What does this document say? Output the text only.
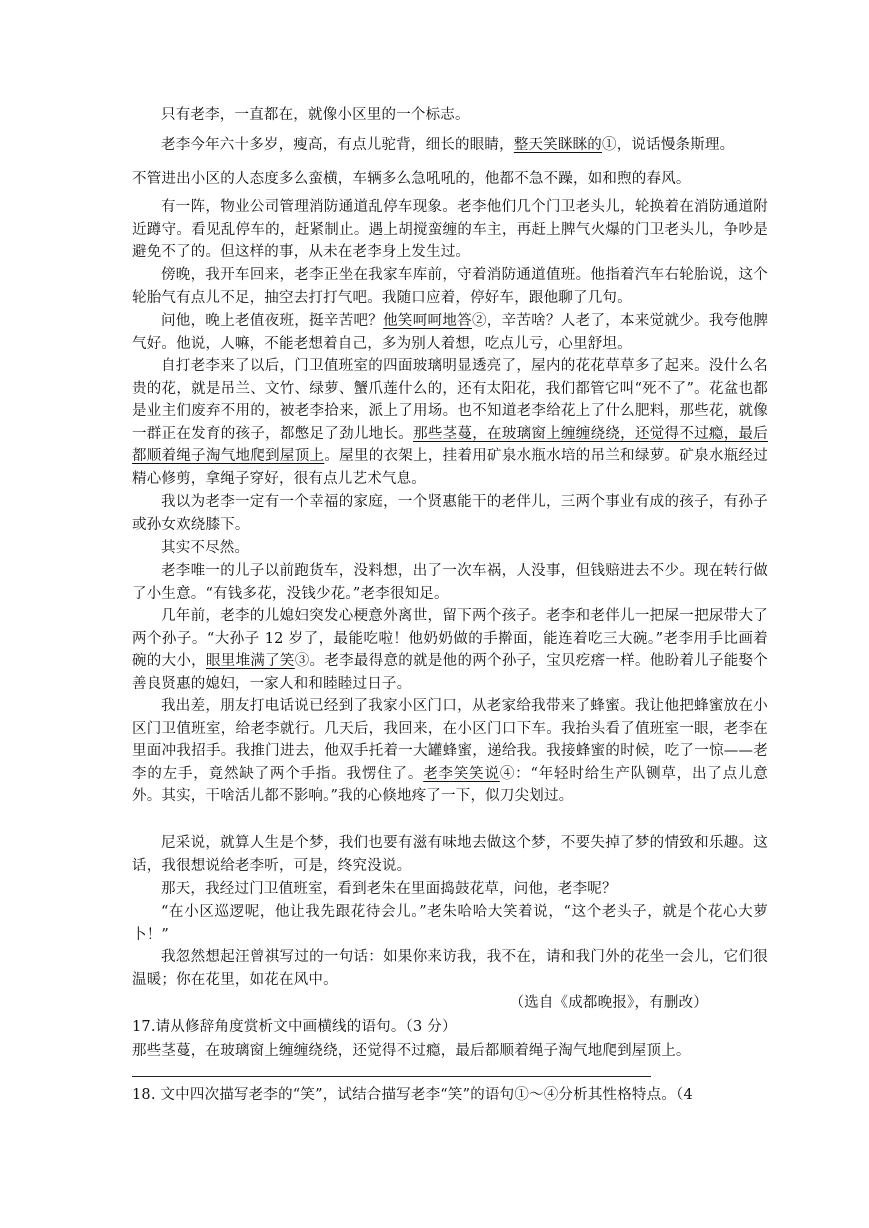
只有老李，一直都在，就像小区里的一个标志。

老李今年六十多岁，瘦高，有点儿驼背，细长的眼睛，整天笑眯眯的①，说话慢条斯理。

不管进出小区的人态度多么蛮横，车辆多么急吼吼的，他都不急不躁，如和煦的春风。

有一阵，物业公司管理消防通道乱停车现象。老李他们几个门卫老头儿，轮换着在消防通道附近蹲守。看见乱停车的，赶紧制止。遇上胡搅蛮缠的车主，再赶上脾气火爆的门卫老头儿，争吵是避免不了的。但这样的事，从未在老李身上发生过。

傍晚，我开车回来，老李正坐在我家车库前，守着消防通道值班。他指着汽车右轮胎说，这个轮胎气有点儿不足，抽空去打打气吧。我随口应着，停好车，跟他聊了几句。

问他，晚上老值夜班，挺辛苦吧？他笑呵呵地答②，辛苦啥？人老了，本来觉就少。我夸他脾气好。他说，人嘛，不能老想着自己，多为别人着想，吃点儿亏，心里舒坦。

自打老李来了以后，门卫值班室的四面玻璃明显透亮了，屋内的花花草草多了起来。没什么名贵的花，就是吊兰、文竹、绿萝、蟹爪莲什么的，还有太阳花，我们都管它叫“死不了”。花盆也都是业主们废弃不用的，被老李拾来，派上了用场。也不知道老李给花上了什么肥料，那些花，就像一群正在发育的孩子，都憋足了劲儿地长。那些茎蔓，在玻璃窗上缠缠绕绕，还觉得不过瘾，最后都顺着绳子淘气地爬到屋顶上。屋里的衣架上，挂着用矿泉水瓶水培的吊兰和绿萝。矿泉水瓶经过精心修剪，拿绳子穿好，很有点儿艺术气息。

我以为老李一定有一个幸福的家庭，一个贤惠能干的老伴儿，三两个事业有成的孩子，有孙子或孙女欢绕膝下。

其实不尽然。

老李唯一的儿子以前跑货车，没料想，出了一次车祸，人没事，但钱赔进去不少。现在转行做了小生意。“有钱多花，没钱少花。”老李很知足。

几年前，老李的儿媳妇突发心梗意外离世，留下两个孩子。老李和老伴儿一把屎一把尿带大了两个孙子。“大孙子 12 岁了，最能吃啦！他奶奶做的手擀面，能连着吃三大碗。”老李用手比画着碗的大小，眼里堆满了笑③。老李最得意的就是他的两个孙子，宝贝疙瘩一样。他盼着儿子能娶个善良贤惠的媳妇，一家人和和睦睦过日子。

我出差，朋友打电话说已经到了我家小区门口，从老家给我带来了蜂蜜。我让他把蜂蜜放在小区门卫值班室，给老李就行。几天后，我回来，在小区门口下车。我抬头看了值班室一眼，老李在里面冲我招手。我推门进去，他双手托着一大罐蜂蜜，递给我。我接蜂蜜的时候，吃了一惊——老李的左手，竟然缺了两个手指。我愣住了。老李笑笑说④：“年轻时给生产队铡草，出了点儿意外。其实，干啥活儿都不影响。”我的心倏地疼了一下，似刀尖划过。

尼采说，就算人生是个梦，我们也要有滋有味地去做这个梦，不要失掉了梦的情致和乐趣。这话，我很想说给老李听，可是，终究没说。

那天，我经过门卫值班室，看到老朱在里面捣鼓花草，问他，老李呢？

“在小区巡逻呢，他让我先跟花待会儿。”老朱哈哈大笑着说，“这个老头子，就是个花心大萝卜！”

我忽然想起汪曾祺写过的一句话：如果你来访我，我不在，请和我门外的花坐一会儿，它们很温暖；你在花里，如花在风中。

（选自《成都晚报》，有删改）

17.请从修辞角度赏析文中画横线的语句。（3 分）

那些茎蔓，在玻璃窗上缠缠绕绕，还觉得不过瘾，最后都顺着绳子淘气地爬到屋顶上。

18. 文中四次描写老李的“笑”，试结合描写老李“笑”的语句①～④分析其性格特点。（4
